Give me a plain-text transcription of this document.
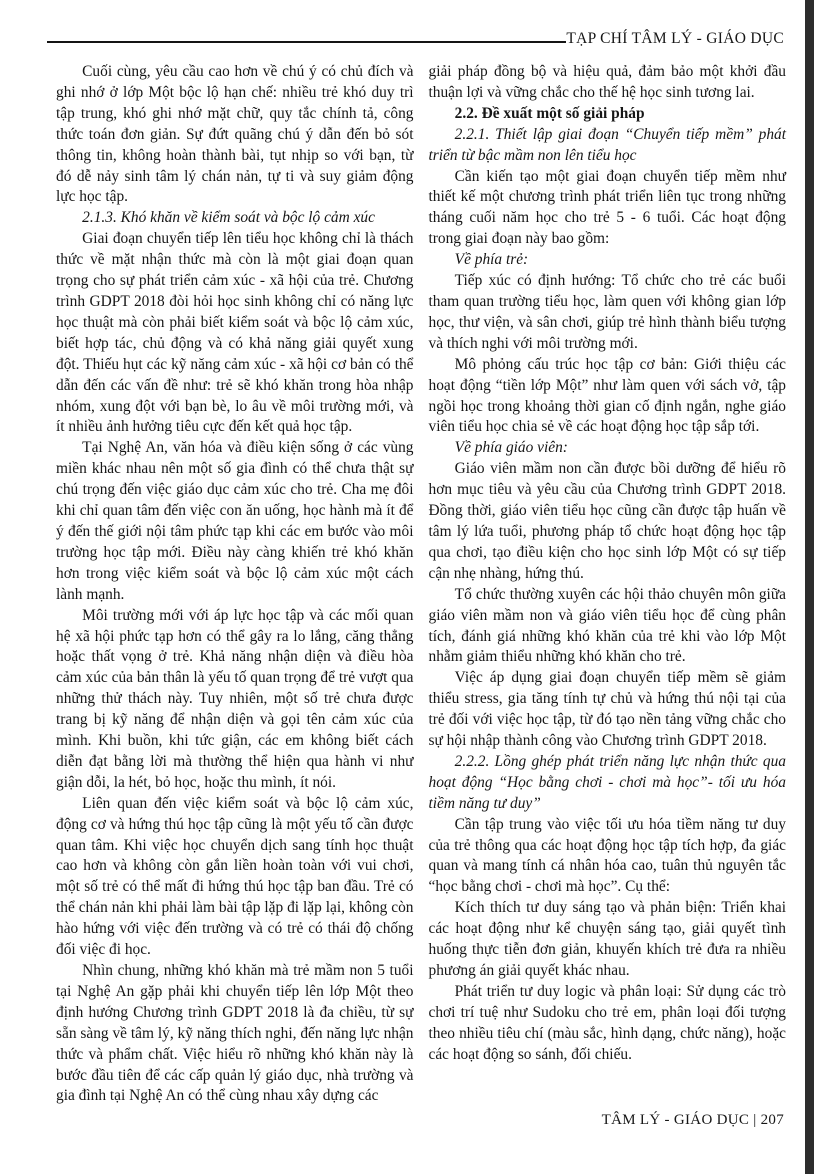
TẠP CHÍ TÂM LÝ - GIÁO DỤC

Cuối cùng, yêu cầu cao hơn về chú ý có chủ đích và ghi nhớ ở lớp Một bộc lộ hạn chế: nhiều trẻ khó duy trì tập trung, khó ghi nhớ mặt chữ, quy tắc chính tả, công thức toán đơn giản. Sự đứt quãng chú ý dẫn đến bỏ sót thông tin, không hoàn thành bài, tụt nhịp so với bạn, từ đó dễ nảy sinh tâm lý chán nản, tự ti và suy giảm động lực học tập.

2.1.3. Khó khăn về kiểm soát và bộc lộ cảm xúc

Giai đoạn chuyển tiếp lên tiểu học không chỉ là thách thức về mặt nhận thức mà còn là một giai đoạn quan trọng cho sự phát triển cảm xúc - xã hội của trẻ. Chương trình GDPT 2018 đòi hỏi học sinh không chỉ có năng lực học thuật mà còn phải biết kiểm soát và bộc lộ cảm xúc, biết hợp tác, chủ động và có khả năng giải quyết xung đột. Thiếu hụt các kỹ năng cảm xúc - xã hội cơ bản có thể dẫn đến các vấn đề như: trẻ sẽ khó khăn trong hòa nhập nhóm, xung đột với bạn bè, lo âu về môi trường mới, và ít nhiều ảnh hưởng tiêu cực đến kết quả học tập.

Tại Nghệ An, văn hóa và điều kiện sống ở các vùng miền khác nhau nên một số gia đình có thể chưa thật sự chú trọng đến việc giáo dục cảm xúc cho trẻ. Cha mẹ đôi khi chỉ quan tâm đến việc con ăn uống, học hành mà ít để ý đến thế giới nội tâm phức tạp khi các em bước vào môi trường học tập mới. Điều này càng khiến trẻ khó khăn hơn trong việc kiểm soát và bộc lộ cảm xúc một cách lành mạnh.

Môi trường mới với áp lực học tập và các mối quan hệ xã hội phức tạp hơn có thể gây ra lo lắng, căng thẳng hoặc thất vọng ở trẻ. Khả năng nhận diện và điều hòa cảm xúc của bản thân là yếu tố quan trọng để trẻ vượt qua những thử thách này. Tuy nhiên, một số trẻ chưa được trang bị kỹ năng để nhận diện và gọi tên cảm xúc của mình. Khi buồn, khi tức giận, các em không biết cách diễn đạt bằng lời mà thường thể hiện qua hành vi như giận dỗi, la hét, bỏ học, hoặc thu mình, ít nói.

Liên quan đến việc kiểm soát và bộc lộ cảm xúc, động cơ và hứng thú học tập cũng là một yếu tố cần được quan tâm. Khi việc học chuyển dịch sang tính học thuật cao hơn và không còn gắn liền hoàn toàn với vui chơi, một số trẻ có thể mất đi hứng thú học tập ban đầu. Trẻ có thể chán nản khi phải làm bài tập lặp đi lặp lại, không còn hào hứng với việc đến trường và có trẻ có thái độ chống đối việc đi học.

Nhìn chung, những khó khăn mà trẻ mầm non 5 tuổi tại Nghệ An gặp phải khi chuyển tiếp lên lớp Một theo định hướng Chương trình GDPT 2018 là đa chiều, từ sự sẵn sàng về tâm lý, kỹ năng thích nghi, đến năng lực nhận thức và phẩm chất. Việc hiểu rõ những khó khăn này là bước đầu tiên để các cấp quản lý giáo dục, nhà trường và gia đình tại Nghệ An có thể cùng nhau xây dựng các

giải pháp đồng bộ và hiệu quả, đảm bảo một khởi đầu thuận lợi và vững chắc cho thế hệ học sinh tương lai.

2.2. Đề xuất một số giải pháp

2.2.1. Thiết lập giai đoạn “Chuyển tiếp mềm” phát triển từ bậc mầm non lên tiểu học

Cần kiến tạo một giai đoạn chuyển tiếp mềm như thiết kế một chương trình phát triển liên tục trong những tháng cuối năm học cho trẻ 5 - 6 tuổi. Các hoạt động trong giai đoạn này bao gồm:

Về phía trẻ:

Tiếp xúc có định hướng: Tổ chức cho trẻ các buổi tham quan trường tiểu học, làm quen với không gian lớp học, thư viện, và sân chơi, giúp trẻ hình thành biểu tượng và thích nghi với môi trường mới.

Mô phỏng cấu trúc học tập cơ bản: Giới thiệu các hoạt động “tiền lớp Một” như làm quen với sách vở, tập ngồi học trong khoảng thời gian cố định ngắn, nghe giáo viên tiểu học chia sẻ về các hoạt động học tập sắp tới.

Về phía giáo viên:

Giáo viên mầm non cần được bồi dưỡng để hiểu rõ hơn mục tiêu và yêu cầu của Chương trình GDPT 2018. Đồng thời, giáo viên tiểu học cũng cần được tập huấn về tâm lý lứa tuổi, phương pháp tổ chức hoạt động học tập qua chơi, tạo điều kiện cho học sinh lớp Một có sự tiếp cận nhẹ nhàng, hứng thú.

Tổ chức thường xuyên các hội thảo chuyên môn giữa giáo viên mầm non và giáo viên tiểu học để cùng phân tích, đánh giá những khó khăn của trẻ khi vào lớp Một nhằm giảm thiểu những khó khăn cho trẻ.

Việc áp dụng giai đoạn chuyển tiếp mềm sẽ giảm thiểu stress, gia tăng tính tự chủ và hứng thú nội tại của trẻ đối với việc học tập, từ đó tạo nền tảng vững chắc cho sự hội nhập thành công vào Chương trình GDPT 2018.

2.2.2. Lồng ghép phát triển năng lực nhận thức qua hoạt động “Học bằng chơi - chơi mà học”- tối ưu hóa tiềm năng tư duy”

Cần tập trung vào việc tối ưu hóa tiềm năng tư duy của trẻ thông qua các hoạt động học tập tích hợp, đa giác quan và mang tính cá nhân hóa cao, tuân thủ nguyên tắc “học bằng chơi - chơi mà học”. Cụ thể:

Kích thích tư duy sáng tạo và phản biện: Triển khai các hoạt động như kể chuyện sáng tạo, giải quyết tình huống thực tiễn đơn giản, khuyến khích trẻ đưa ra nhiều phương án giải quyết khác nhau.

Phát triển tư duy logic và phân loại: Sử dụng các trò chơi trí tuệ như Sudoku cho trẻ em, phân loại đối tượng theo nhiều tiêu chí (màu sắc, hình dạng, chức năng), hoặc các hoạt động so sánh, đối chiếu.

TÂM LÝ - GIÁO DỤC | 207
